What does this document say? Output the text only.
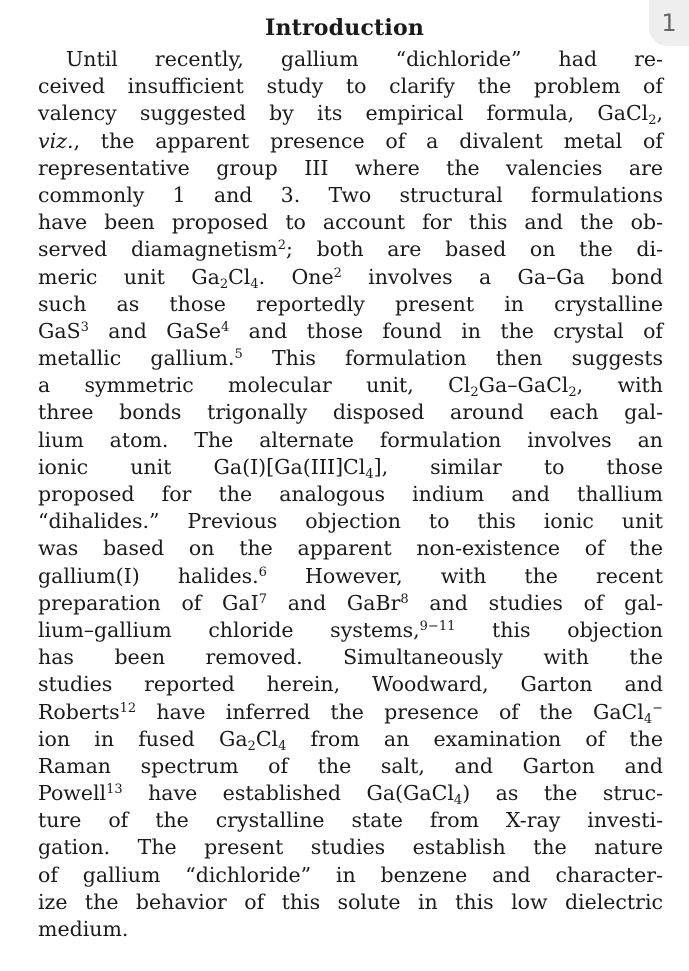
Introduction	1
Until recently, gallium “dichloride” had re-
ceived insufficient study to clarify the problem of
valency suggested by its empirical formula, GaCl$_2$,
viz., the apparent presence of a divalent metal of
representative group III where the valencies are
commonly 1 and 3. Two structural formulations
have been proposed to account for this and the ob-
served diamagnetism$^2$; both are based on the di-
meric unit $Ga_2Cl_4$. One$^2$ involves a Ga–Ga bond
such as those reportedly present in crystalline
GaS$^3$ and GaSe$^4$ and those found in the crystal of
metallic gallium.$^5$ This formulation then suggests
a symmetric molecular unit, $Cl_2Ga-GaCl_2$, with
three bonds trigonally disposed around each gal-
lium atom. The alternate formulation involves an
ionic unit $Ga(I)[Ga(III]Cl_4]$, similar to those
proposed for the analogous indium and thallium
“dihalides.” Previous objection to this ionic unit
was based on the apparent non-existence of the
gallium(I) halides.$^6$ However, with the recent
preparation of GaI$^7$ and GaBr$^8$ and studies of gal-
lium–gallium chloride systems,$^{9-11}$ this objection
has been removed. Simultaneously with the
studies reported herein, Woodward, Garton and
Roberts$^{12}$ have inferred the presence of the GaCl$_4$−
ion in fused $Ga_2Cl_4$ from an examination of the
Raman spectrum of the salt, and Garton and
Powell$^{13}$ have established Ga(GaCl$_4$) as the struc-
ture of the crystalline state from X-ray investi-
gation. The present studies establish the nature
of gallium “dichloride” in benzene and character-
ize the behavior of this solute in this low dielectric
medium.
